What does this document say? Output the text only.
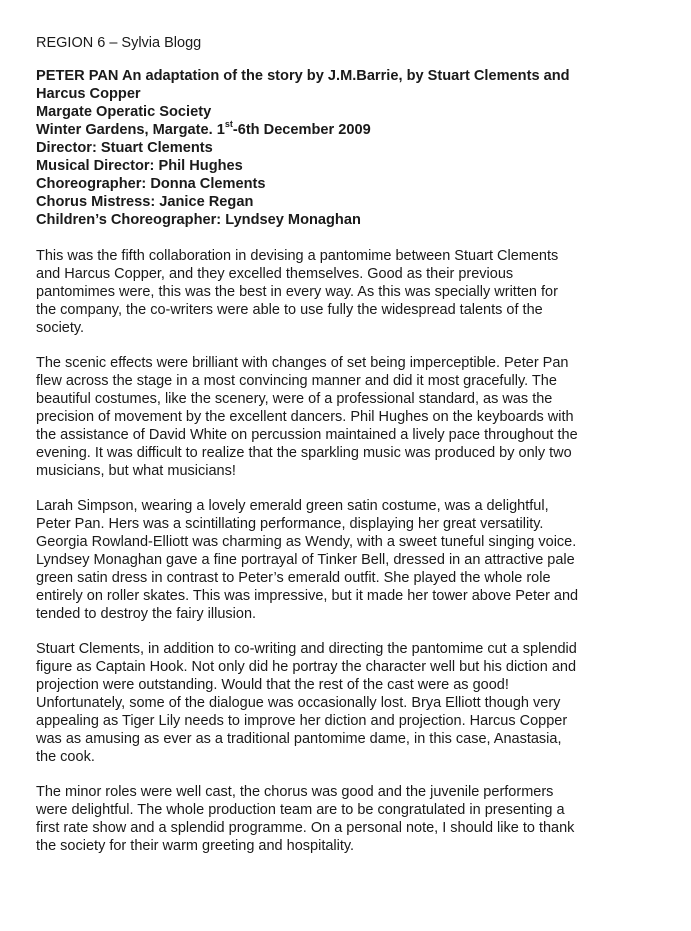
REGION 6 – Sylvia Blogg
PETER PAN An adaptation of the story by J.M.Barrie, by Stuart Clements and
Harcus Copper
Margate Operatic Society
Winter Gardens, Margate. 1st-6th December 2009
Director: Stuart Clements
Musical Director: Phil Hughes
Choreographer: Donna Clements
Chorus Mistress: Janice Regan
Children’s Choreographer: Lyndsey Monaghan
This was the fifth collaboration in devising a pantomime between Stuart Clements
and Harcus Copper, and they excelled themselves. Good as their previous
pantomimes were, this was the best in every way. As this was specially written for
the company, the co-writers were able to use fully the widespread talents of the
society.
The scenic effects were brilliant with changes of set being imperceptible. Peter Pan
flew across the stage in a most convincing manner and did it most gracefully. The
beautiful costumes, like the scenery, were of a professional standard, as was the
precision of movement by the excellent dancers. Phil Hughes on the keyboards with
the assistance of David White on percussion maintained a lively pace throughout the
evening. It was difficult to realize that the sparkling music was produced by only two
musicians, but what musicians!
Larah Simpson, wearing a lovely emerald green satin costume, was a delightful,
Peter Pan. Hers was a scintillating performance, displaying her great versatility.
Georgia Rowland-Elliott was charming as Wendy, with a sweet tuneful singing voice.
Lyndsey Monaghan gave a fine portrayal of Tinker Bell, dressed in an attractive pale
green satin dress in contrast to Peter’s emerald outfit. She played the whole role
entirely on roller skates. This was impressive, but it made her tower above Peter and
tended to destroy the fairy illusion.
Stuart Clements, in addition to co-writing and directing the pantomime cut a splendid
figure as Captain Hook. Not only did he portray the character well but his diction and
projection were outstanding. Would that the rest of the cast were as good!
Unfortunately, some of the dialogue was occasionally lost. Brya Elliott though very
appealing as Tiger Lily needs to improve her diction and projection. Harcus Copper
was as amusing as ever as a traditional pantomime dame, in this case, Anastasia,
the cook.
The minor roles were well cast, the chorus was good and the juvenile performers
were delightful. The whole production team are to be congratulated in presenting a
first rate show and a splendid programme. On a personal note, I should like to thank
the society for their warm greeting and hospitality.
